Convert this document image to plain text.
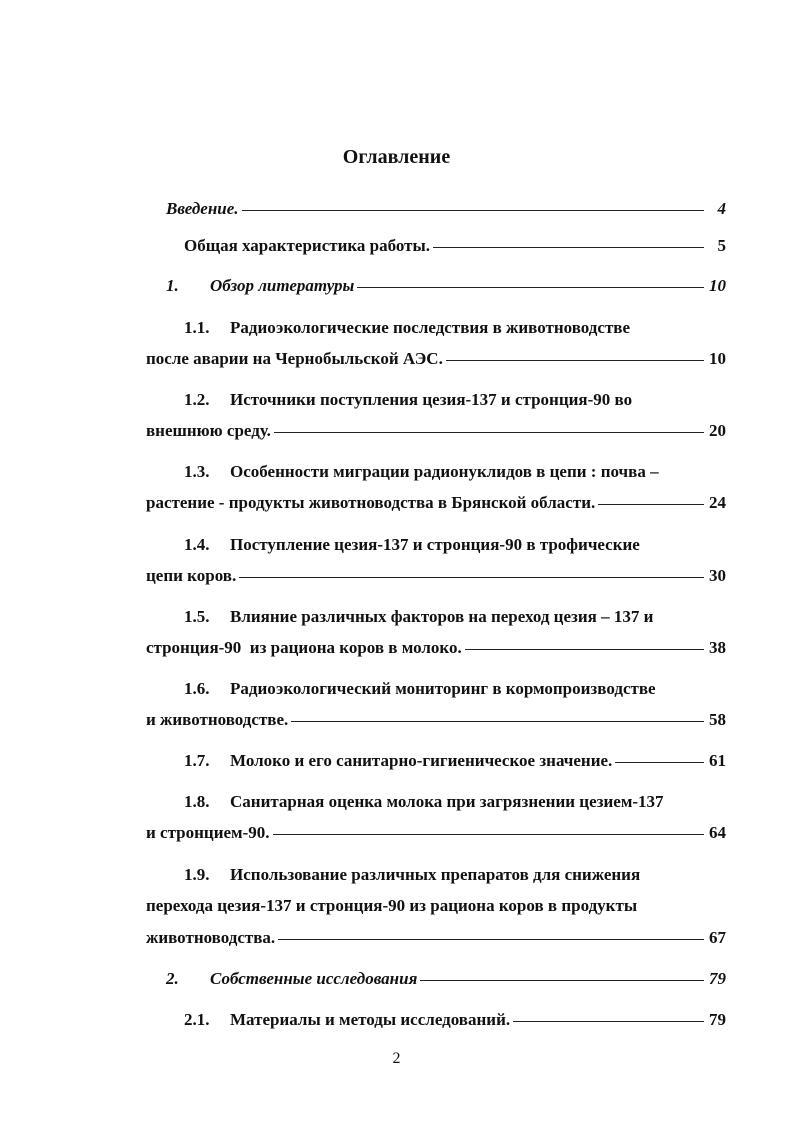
Оглавление
Введение.	4
Общая характеристика работы.	5
1.	Обзор литературы	10
1.1.	Радиоэкологические последствия в животноводстве
после аварии на Чернобыльской АЭС.	10
1.2.	Источники поступления цезия-137 и стронция-90 во
внешнюю среду.	20
1.3.	Особенности миграции радионуклидов в цепи : почва –
растение - продукты животноводства в Брянской области.	24
1.4.	Поступление цезия-137 и стронция-90 в трофические
цепи коров.	30
1.5.	Влияние различных факторов на переход цезия – 137 и
стронция-90  из рациона коров в молоко.	38
1.6.	Радиоэкологический мониторинг в кормопроизводстве
и животноводстве.	58
1.7.	Молоко и его санитарно-гигиеническое значение.	61
1.8.	Санитарная оценка молока при загрязнении цезием-137
и стронцием-90.	64
1.9.	Использование различных препаратов для снижения
перехода цезия-137 и стронция-90 из рациона коров в продукты
животноводства.	67
2.	Собственные исследования	79
2.1.	Материалы и методы исследований.	79
2
